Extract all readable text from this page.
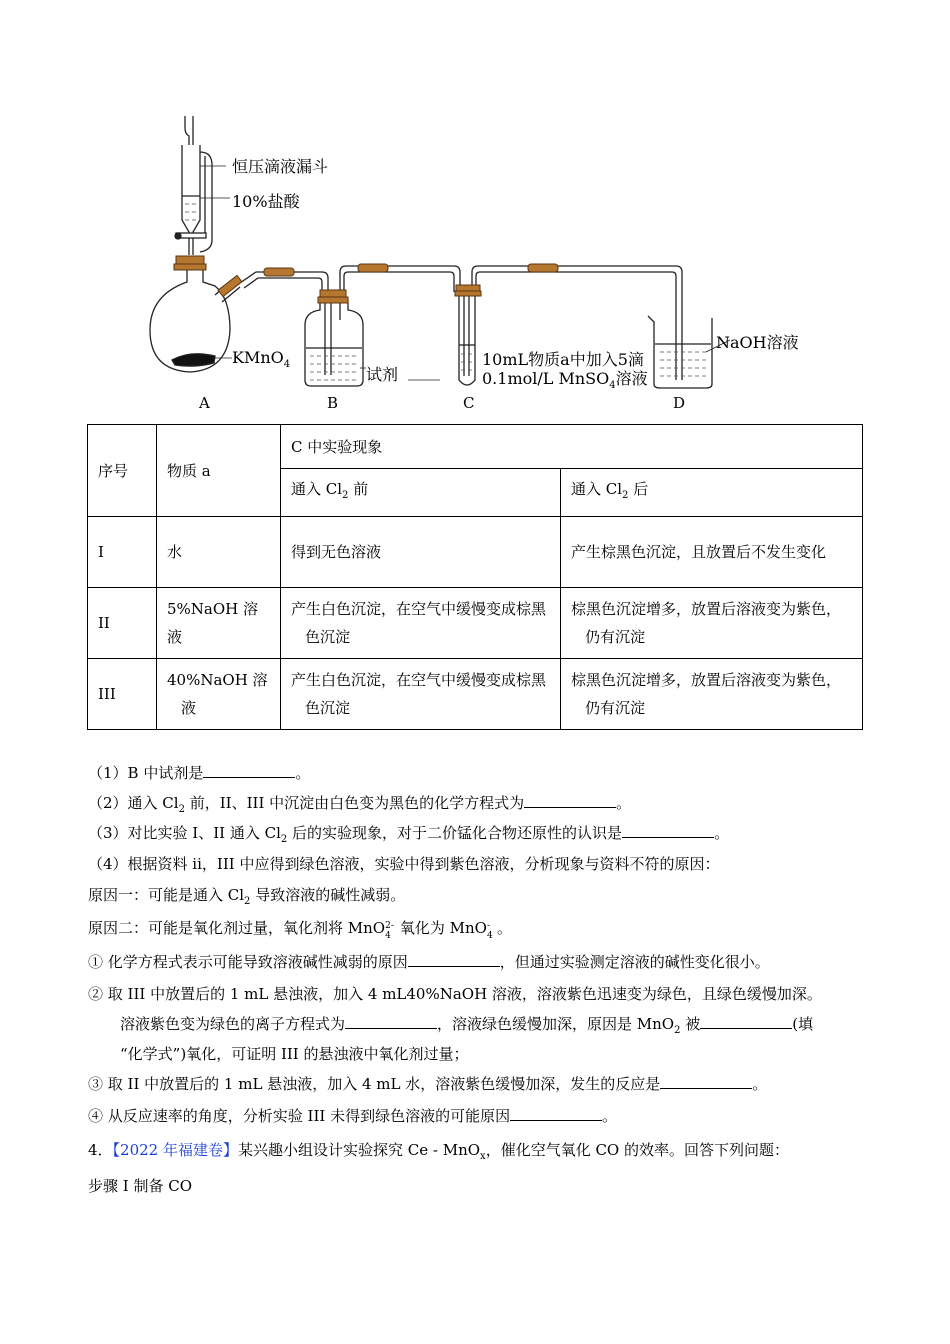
恒压滴液漏斗
10%盐酸
KMnO$_4$
试剂
10mL物质a中加入5滴
0.1mol/L MnSO$_4$溶液
NaOH溶液
A	B	C	D
序号	物质 a	C 中实验现象	
		通入 $Cl_2$ 前	通入 $Cl_2$ 后
I	水	得到无色溶液	产生棕黑色沉淀，且放置后不发生变化
II	5%NaOH 溶液	产生白色沉淀，在空气中缓慢变成棕黑色沉淀	棕黑色沉淀增多，放置后溶液变为紫色，仍有沉淀
III	40%NaOH 溶液	产生白色沉淀，在空气中缓慢变成棕黑色沉淀	棕黑色沉淀增多，放置后溶液变为紫色，仍有沉淀
（1）B 中试剂是	。
（2）通入 $Cl_2$ 前，II、III 中沉淀由白色变为黑色的化学方程式为	。
（3）对比实验 I、II 通入 $Cl_2$ 后的实验现象，对于二价锰化合物还原性的认识是	。
（4）根据资料 ii，III 中应得到绿色溶液，实验中得到紫色溶液，分析现象与资料不符的原因：
原因一：可能是通入 $Cl_2$ 导致溶液的碱性减弱。
原因二：可能是氧化剂过量，氧化剂将 MnO 2-
4 氧化为 MnO -
4 。
① 化学方程式表示可能导致溶液碱性减弱的原因	，但通过实验测定溶液的碱性变化很小。
② 取 III 中放置后的 1 mL 悬浊液，加入 4 mL40%NaOH 溶液，溶液紫色迅速变为绿色，且绿色缓慢加深。
溶液紫色变为绿色的离子方程式为	，溶液绿色缓慢加深，原因是 MnO$_2$ 被	(填
“化学式”)氧化，可证明 III 的悬浊液中氧化剂过量；
③ 取 II 中放置后的 1 mL 悬浊液，加入 4 mL 水，溶液紫色缓慢加深，发生的反应是	。
④ 从反应速率的角度，分析实验 III 未得到绿色溶液的可能原因	。
4．【2022 年福建卷】某兴趣小组设计实验探究 Ce - MnO$_x$，催化空气氧化 CO 的效率。回答下列问题：
步骤 I 制备 CO
